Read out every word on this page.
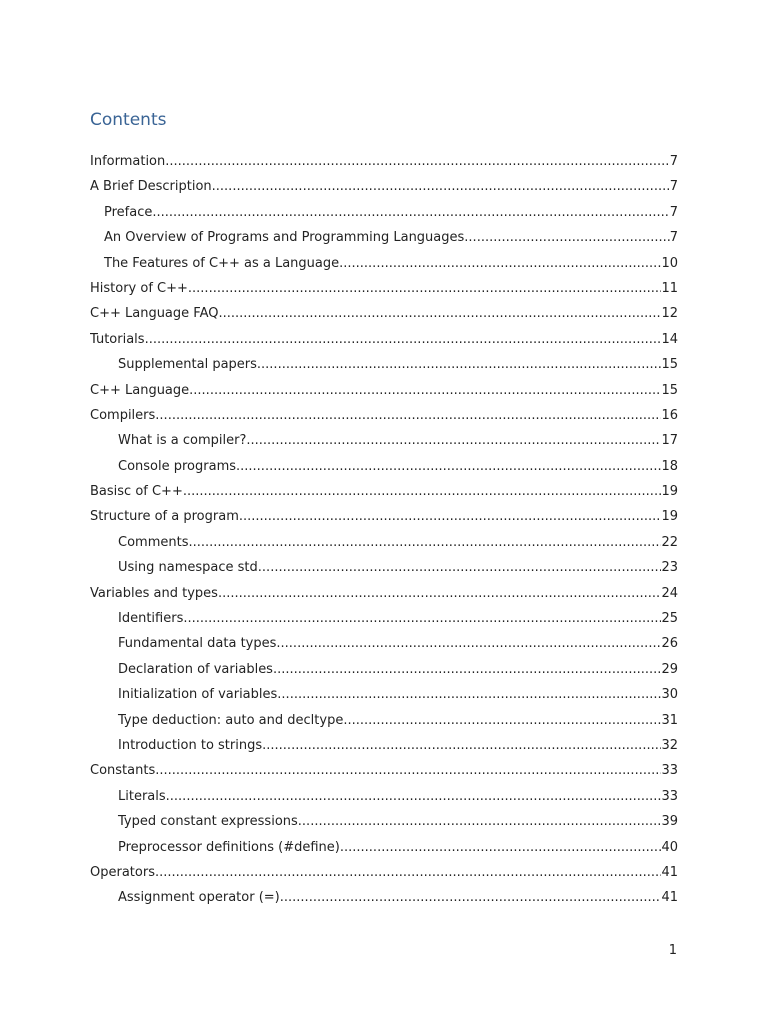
Contents
Information .....	7
A Brief Description .....	7
Preface .....	7
An Overview of Programs and Programming Languages .....	7
The Features of C++ as a Language .....	10
History of C++ .....	11
C++ Language FAQ .....	12
Tutorials .....	14
Supplemental papers .....	15
C++ Language .....	15
Compilers .....	16
What is a compiler? .....	17
Console programs .....	18
Basisc of C++ .....	19
Structure of a program .....	19
Comments .....	22
Using namespace std .....	23
Variables and types .....	24
Identifiers .....	25
Fundamental data types .....	26
Declaration of variables .....	29
Initialization of variables .....	30
Type deduction: auto and decltype .....	31
Introduction to strings .....	32
Constants .....	33
Literals .....	33
Typed constant expressions .....	39
Preprocessor definitions (#define) .....	40
Operators .....	41
Assignment operator (=) .....	41
1
